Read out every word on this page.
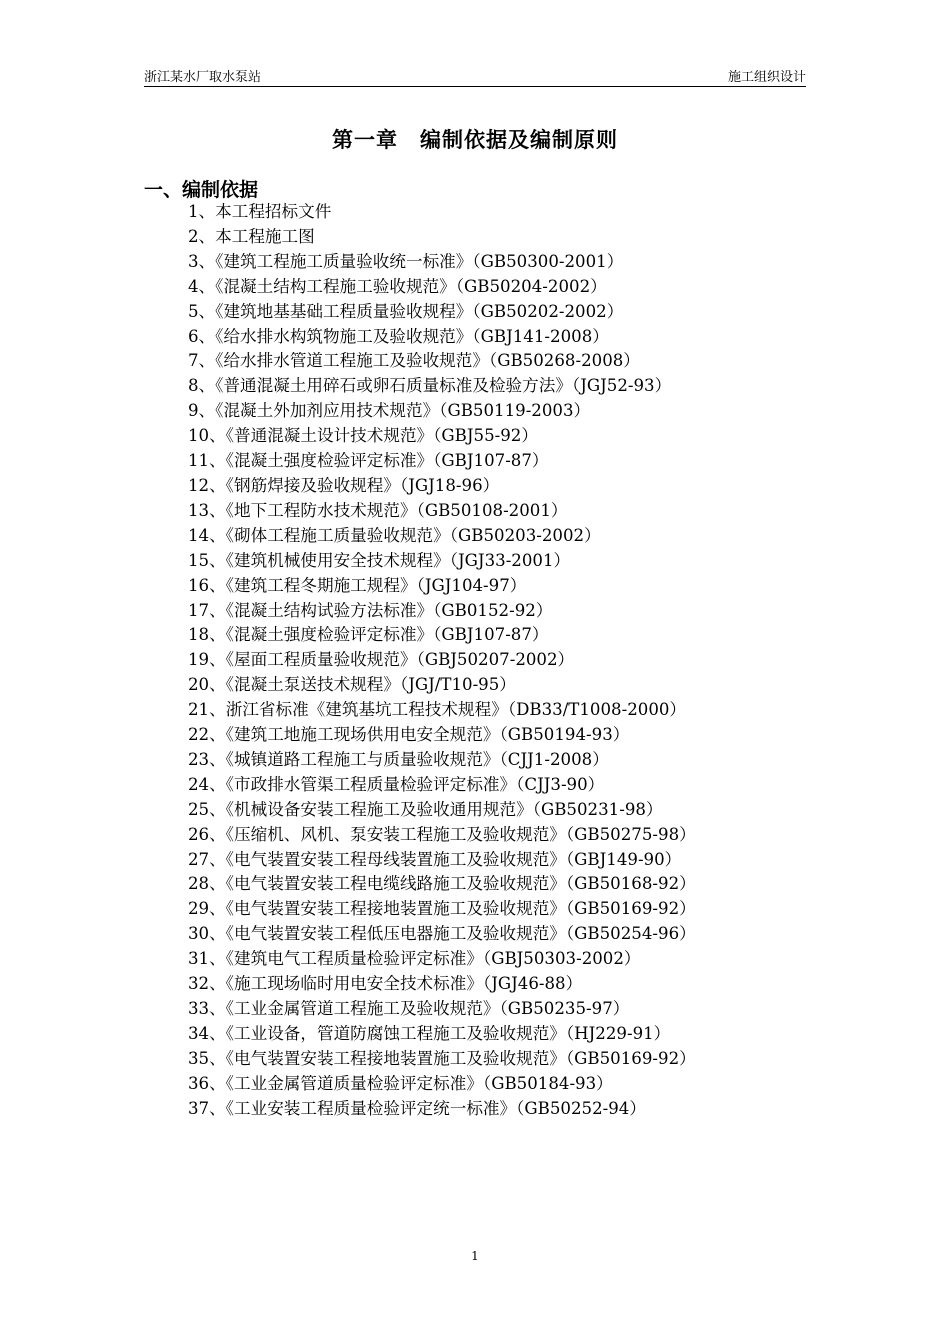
浙江某水厂取水泵站	施工组织设计
第一章　编制依据及编制原则
一、编制依据
1、本工程招标文件
2、本工程施工图
3、《建筑工程施工质量验收统一标准》（GB50300-2001）
4、《混凝土结构工程施工验收规范》（GB50204-2002）
5、《建筑地基基础工程质量验收规程》（GB50202-2002）
6、《给水排水构筑物施工及验收规范》（GBJ141-2008）
7、《给水排水管道工程施工及验收规范》（GB50268-2008）
8、《普通混凝土用碎石或卵石质量标准及检验方法》（JGJ52-93）
9、《混凝土外加剂应用技术规范》（GB50119-2003）
10、《普通混凝土设计技术规范》（GBJ55-92）
11、《混凝土强度检验评定标准》（GBJ107-87）
12、《钢筋焊接及验收规程》（JGJ18-96）
13、《地下工程防水技术规范》（GB50108-2001）
14、《砌体工程施工质量验收规范》（GB50203-2002）
15、《建筑机械使用安全技术规程》（JGJ33-2001）
16、《建筑工程冬期施工规程》（JGJ104-97）
17、《混凝土结构试验方法标准》（GB0152-92）
18、《混凝土强度检验评定标准》（GBJ107-87）
19、《屋面工程质量验收规范》（GBJ50207-2002）
20、《混凝土泵送技术规程》（JGJ/T10-95）
21、浙江省标准《建筑基坑工程技术规程》（DB33/T1008-2000）
22、《建筑工地施工现场供用电安全规范》（GB50194-93）
23、《城镇道路工程施工与质量验收规范》（CJJ1-2008）
24、《市政排水管渠工程质量检验评定标准》（CJJ3-90）
25、《机械设备安装工程施工及验收通用规范》（GB50231-98）
26、《压缩机、风机、泵安装工程施工及验收规范》（GB50275-98）
27、《电气装置安装工程母线装置施工及验收规范》（GBJ149-90）
28、《电气装置安装工程电缆线路施工及验收规范》（GB50168-92）
29、《电气装置安装工程接地装置施工及验收规范》（GB50169-92）
30、《电气装置安装工程低压电器施工及验收规范》（GB50254-96）
31、《建筑电气工程质量检验评定标准》（GBJ50303-2002）
32、《施工现场临时用电安全技术标准》（JGJ46-88）
33、《工业金属管道工程施工及验收规范》（GB50235-97）
34、《工业设备，管道防腐蚀工程施工及验收规范》（HJ229-91）
35、《电气装置安装工程接地装置施工及验收规范》（GB50169-92）
36、《工业金属管道质量检验评定标准》（GB50184-93）
37、《工业安装工程质量检验评定统一标准》（GB50252-94）
1
